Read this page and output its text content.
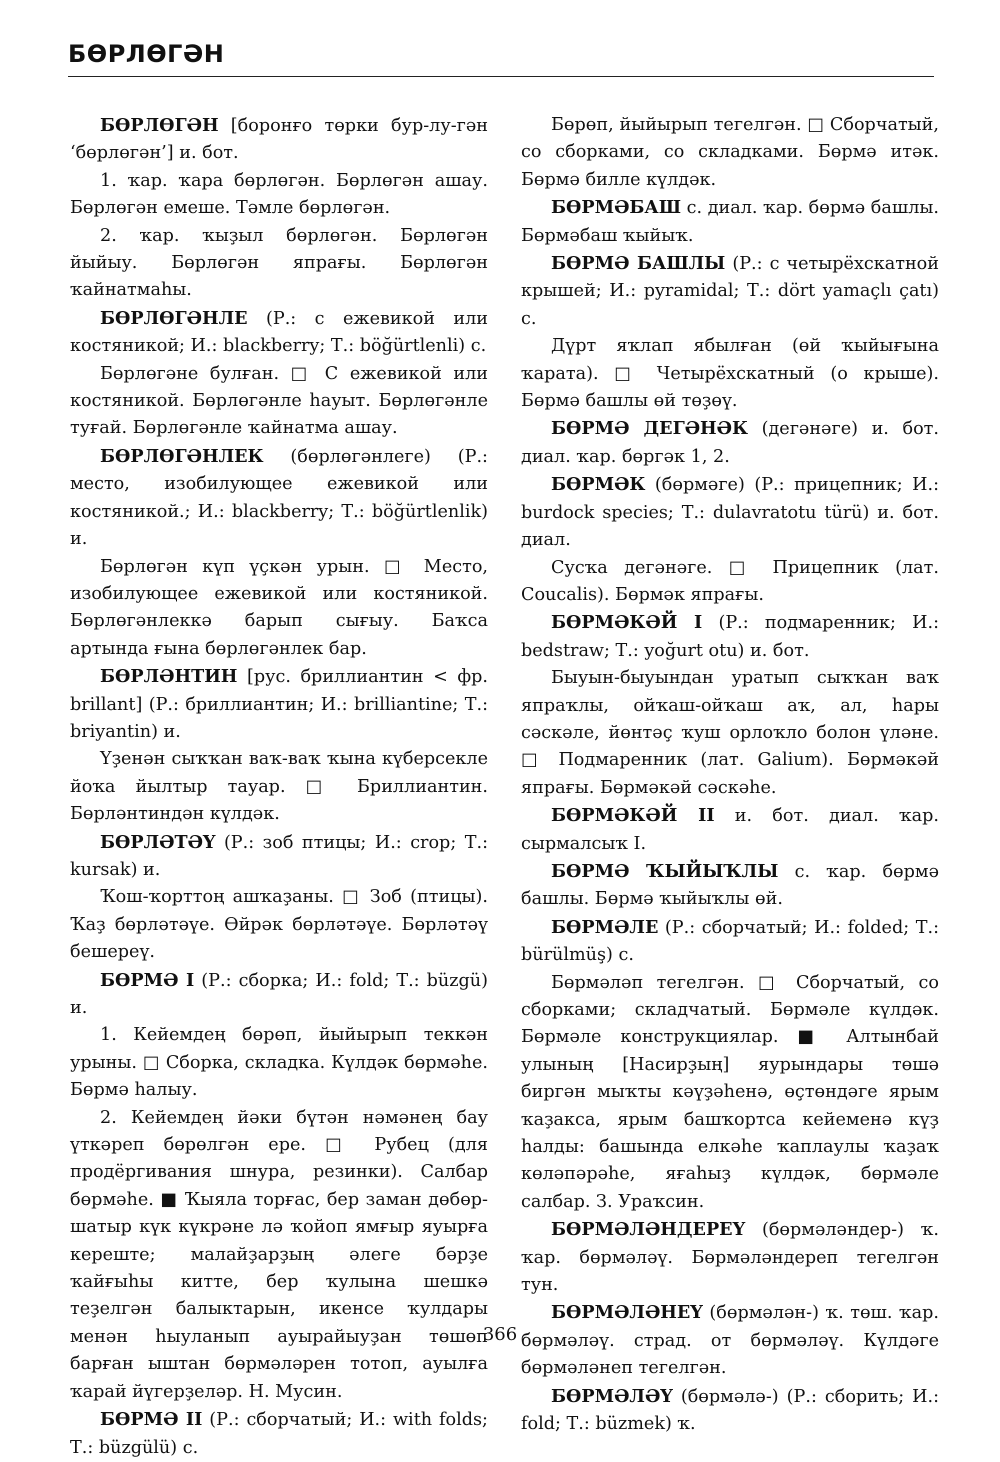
БӨРЛӨГӘН

БӨРЛӨГӘН [боронғо төрки бур-лу-гән ‘бөрлөгән’] и. бот.

1. ҡар. ҡара бөрлөгән. Бөрлөгән ашау. Бөрлөгән емеше. Тәмле бөрлөгән.

2. ҡар. ҡыҙыл бөрлөгән. Бөрлөгән йыйыу. Бөрлөгән япрағы. Бөрлөгән ҡайнатмаһы.

БӨРЛӨГӘНЛЕ (Р.: с ежевикой или костяникой; И.: blackberry; Т.: böğürtlenli) с.

Бөрлөгәне булған. □ С ежевикой или костяникой. Бөрлөгәнле һауыт. Бөрлөгәнле туғай. Бөрлөгәнле ҡайнатма ашау.

БӨРЛӨГӘНЛЕК (бөрлөгәнлеге) (Р.: место, изобилующее ежевикой или костяникой.; И.: blackberry; Т.: böğürtlenlik) и.

Бөрлөгән күп үҫкән урын. □ Место, изобилующее ежевикой или костяникой. Бөрлөгәнлеккә барып сығыу. Баҡса артында ғына бөрлөгәнлек бар.

БӨРЛӘНТИН [рус. бриллиантин < фр. brillant] (Р.: бриллиантин; И.: brilliantine; Т.: briyantin) и.

Үҙенән сыҡҡан ваҡ-ваҡ ҡына күберсекле йоҡа йылтыр тауар. □ Бриллиантин. Бөрләнтиндән күлдәк.

БӨРЛӘТӘҮ (Р.: зоб птицы; И.: crop; Т.: kursak) и.

Ҡош-ҡорттоң ашҡаҙаны. □ Зоб (птицы). Ҡаҙ бөрләтәүе. Өйрәк бөрләтәүе. Бөрләтәү бешереү.

БӨРМӘ I (Р.: сборка; И.: fold; Т.: büzgü) и.

1. Кейемдең бөрөп, йыйырып теккән урыны. □ Сборка, складка. Күлдәк бөрмәһе. Бөрмә һалыу.

2. Кейемдең йәки бүтән нәмәнең бау үткәреп бөрөлгән ере. □ Рубец (для продёргивания шнура, резинки). Салбар бөрмәһе. ■ Ҡыяла торғас, бер заман дөбөр-шатыр күк күкрәне лә ҡойоп ямғыр яуырға кереште; малайҙарҙың әлеге бәрҙе ҡайғыһы китте, бер ҡулына шешкә теҙелгән балыктарын, икенсе ҡулдары менән һыуланып ауырайыуҙан төшөп барған ыштан бөрмәләрен тотоп, ауылға ҡарай йүгерҙеләр. Н. Мусин.

БӨРМӘ II (Р.: сборчатый; И.: with folds; Т.: büzgülü) с.

Бөрөп, йыйырып тегелгән. □ Сборчатый, со сборками, со складками. Бөрмә итәк. Бөрмә билле күлдәк.

БӨРМӘБАШ с. диал. ҡар. бөрмә башлы. Бөрмәбаш ҡыйыҡ.

БӨРМӘ БАШЛЫ (Р.: с четырёхскатной крышей; И.: pyramidal; Т.: dört yamaçlı çatı) с.

Дүрт яҡлап ябылған (өй ҡыйығына ҡарата). □ Четырёхскатный (о крыше). Бөрмә башлы өй төҙөү.

БӨРМӘ ДЕГӘНӘК (дегәнәге) и. бот. диал. ҡар. бөргәк 1, 2.

БӨРМӘК (бөрмәге) (Р.: прицепник; И.: burdock species; Т.: dulavratotu türü) и. бот. диал.

Сусҡа дегәнәге. □ Прицепник (лат. Coucalis). Бөрмәк япрағы.

БӨРМӘКӘЙ I (Р.: подмаренник; И.: bedstraw; Т.: yoğurt otu) и. бот.

Быуын-быуындан уратып сыҡҡан ваҡ япраҡлы, ойҡаш-ойҡаш аҡ, ал, һары сәскәле, йөнтәҫ ҡуш орлоҡло болон үләне. □ Подмаренник (лат. Galium). Бөрмәкәй япрағы. Бөрмәкәй сәскәһе.

БӨРМӘКӘЙ II и. бот. диал. ҡар. сырмалсыҡ I.

БӨРМӘ ҠЫЙЫҠЛЫ с. ҡар. бөрмә башлы. Бөрмә ҡыйыҡлы өй.

БӨРМӘЛЕ (Р.: сборчатый; И.: folded; Т.: bürülmüş) с.

Бөрмәләп тегелгән. □ Сборчатый, со сборками; складчатый. Бөрмәле күлдәк. Бөрмәле конструкциялар. ■ Алтынбай улының [Насирҙың] яурындары төшә биргән мыҡты кәүҙәһенә, өҫтөндәге ярым ҡаҙакса, ярым башҡортса кейеменә күҙ һалды: башында елкәһе ҡаплаулы ҡаҙаҡ көләпәрәһе, яғаһыҙ күлдәк, бөрмәле салбар. З. Ураҡсин.

БӨРМӘЛӘНДЕРЕҮ (бөрмәләндер-) ҡ. ҡар. бөрмәләү. Бөрмәләндереп тегелгән тун.

БӨРМӘЛӘНЕҮ (бөрмәлән-) ҡ. төш. ҡар. бөрмәләү. страд. от бөрмәләү. Күлдәге бөрмәләнеп тегелгән.

БӨРМӘЛӘҮ (бөрмәлә-) (Р.: сборить; И.: fold; Т.: büzmek) ҡ.

366
